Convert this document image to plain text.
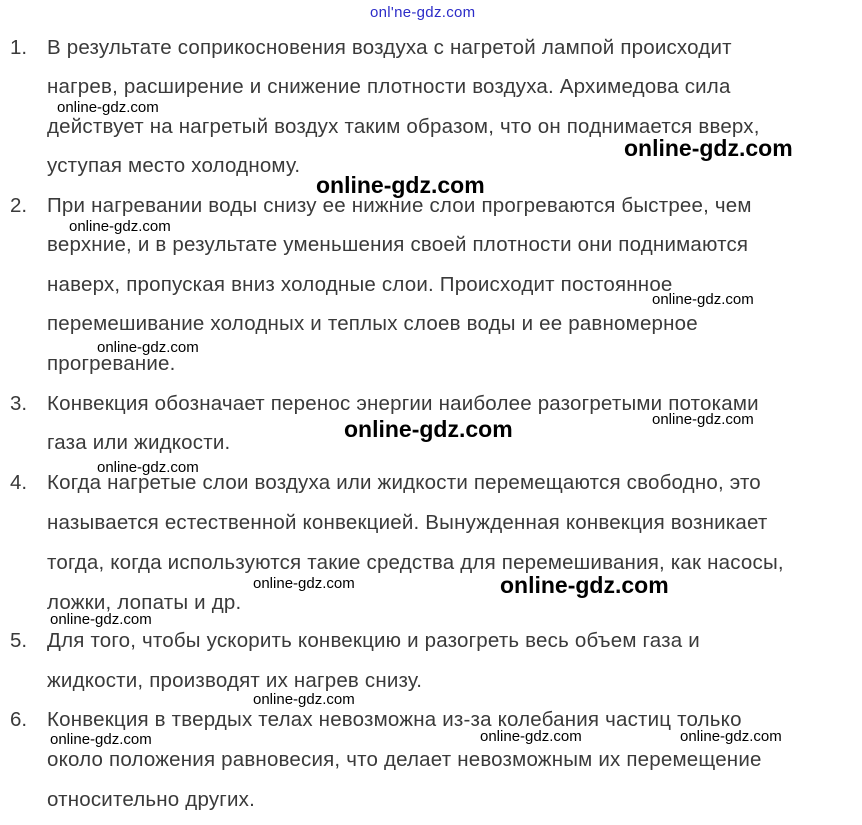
onl'ne-gdz.com
1. В результате соприкосновения воздуха с нагретой лампой происходит
нагрев, расширение и снижение плотности воздуха. Архимедова сила
действует на нагретый воздух таким образом, что он поднимается вверх,
уступая место холодному.
2. При нагревании воды снизу ее нижние слои прогреваются быстрее, чем
верхние, и в результате уменьшения своей плотности они поднимаются
наверх, пропуская вниз холодные слои. Происходит постоянное
перемешивание холодных и теплых слоев воды и ее равномерное
прогревание.
3. Конвекция обозначает перенос энергии наиболее разогретыми потоками
газа или жидкости.
4. Когда нагретые слои воздуха или жидкости перемещаются свободно, это
называется естественной конвекцией. Вынужденная конвекция возникает
тогда, когда используются такие средства для перемешивания, как насосы,
ложки, лопаты и др.
5. Для того, чтобы ускорить конвекцию и разогреть весь объем газа и
жидкости, производят их нагрев снизу.
6. Конвекция в твердых телах невозможна из-за колебания частиц только
около положения равновесия, что делает невозможным их перемещение
относительно других.
online-gdz.com
online-gdz.com
online-gdz.com
online-gdz.com
online-gdz.com
online-gdz.com
online-gdz.com	online-gdz.com
online-gdz.com
online-gdz.com
online-gdz.com
online-gdz.com
online-gdz.com
online-gdz.com	online-gdz.com	online-gdz.com
